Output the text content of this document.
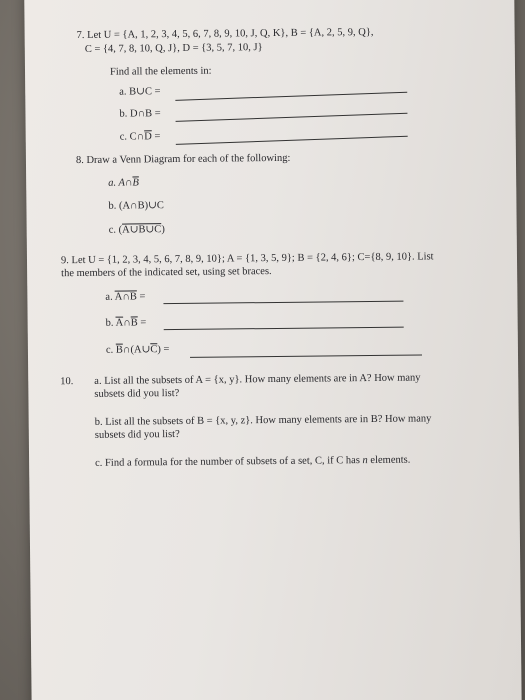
7. Let U = {A, 1, 2, 3, 4, 5, 6, 7, 8, 9, 10, J, Q, K}, B = {A, 2, 5, 9, Q},
C = {4, 7, 8, 10, Q, J}, D = {3, 5, 7, 10, J}
Find all the elements in:
a. B∪C =
b. D∩B =
c. $C\cap\overline{D}$ =
8. Draw a Venn Diagram for each of the following:
a. $A\cap\overline{B}$
b. (A∩B)∪C
c. (A∪B∪C)
9. Let U = {1, 2, 3, 4, 5, 6, 7, 8, 9, 10}; A = {1, 3, 5, 9}; B = {2, 4, 6}; C={8, 9, 10}. List
the members of the indicated set, using set braces.
a. A∩B =
b. $\overline{A}\cap\overline{B}$ =
c. $\overline{B}\cap(A\cup\overline{C})$ =
10. a. List all the subsets of A = {x, y}. How many elements are in A? How many
subsets did you list?
b. List all the subsets of B = {x, y, z}. How many elements are in B? How many
subsets did you list?
c. Find a formula for the number of subsets of a set, C, if C has n elements.
